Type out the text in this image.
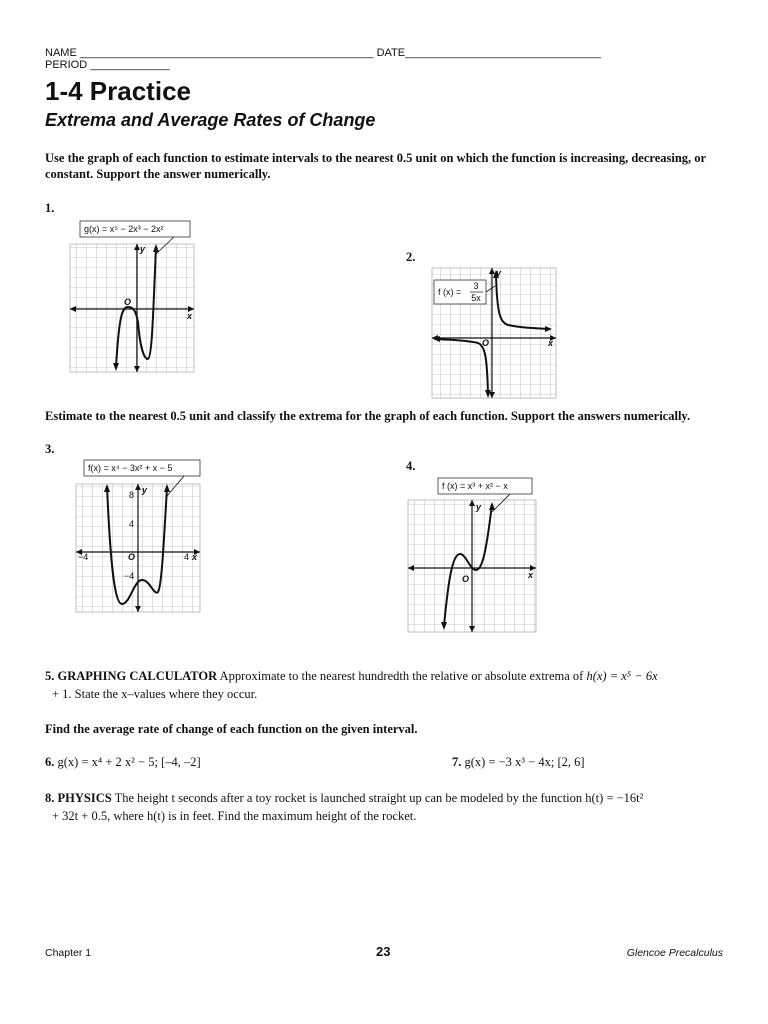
NAME ________________________________________________ DATE________________________________ PERIOD _____________
1-4 Practice
Extrema and Average Rates of Change
Use the graph of each function to estimate intervals to the nearest 0.5 unit on which the function is increasing, decreasing, or constant. Support the answer numerically.
1.
g(x) = x⁵ − 2x³ − 2x²
y
x
O
2.
f (x) =
3
5x
y
x
O
Estimate to the nearest 0.5 unit and classify the extrema for the graph of each function. Support the answers numerically.
3.
f(x) = x⁴ − 3x² + x − 5
8
4
−4
−4	4
y
x
O
4.
f (x) = x³ + x² − x
y
x
O
5. GRAPHING CALCULATOR Approximate to the nearest hundredth the relative or absolute extrema of h(x) = x⁵ − 6x
+ 1. State the x–values where they occur.
Find the average rate of change of each function on the given interval.
6. g(x) = x⁴ + 2 x² − 5; [–4, –2]	7. g(x) = −3 x³ − 4x; [2, 6]
8. PHYSICS The height t seconds after a toy rocket is launched straight up can be modeled by the function h(t) = −16t²
+ 32t + 0.5, where h(t) is in feet. Find the maximum height of the rocket.
Chapter 1	23	Glencoe Precalculus
